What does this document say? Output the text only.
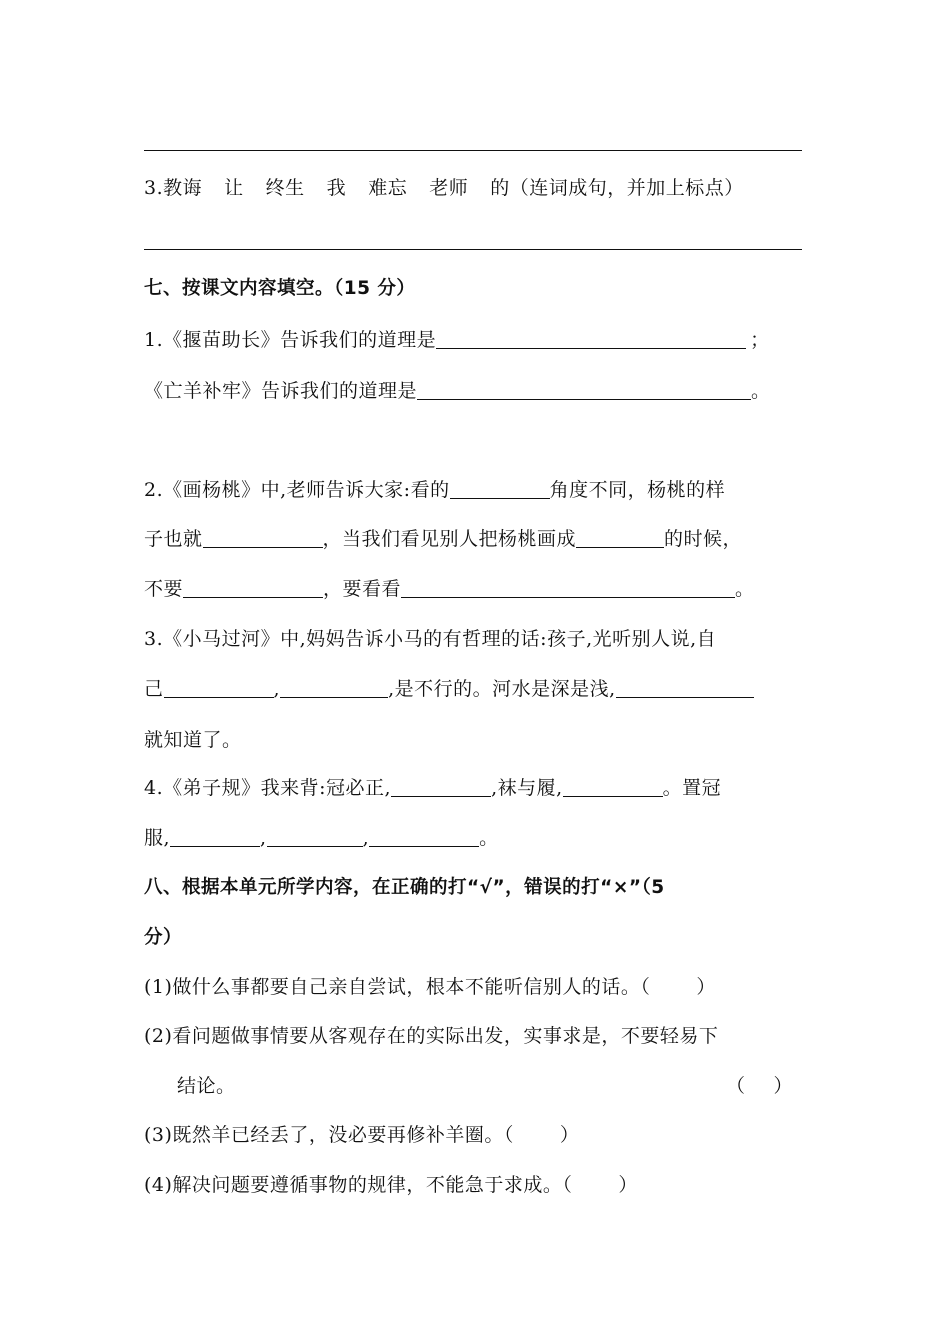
3.教诲 让 终生 我 难忘 老师 的（连词成句，并加上标点）
七、按课文内容填空。（15 分）
1.《揠苗助长》告诉我们的道理是	；
《亡羊补牢》告诉我们的道理是	。
2.《画杨桃》中,老师告诉大家:看的	角度不同，杨桃的样
子也就	，当我们看见别人把杨桃画成	的时候，
不要	，要看看	。
3.《小马过河》中,妈妈告诉小马的有哲理的话:孩子,光听别人说,自
己	,	,是不行的。河水是深是浅,
就知道了。
4.《弟子规》我来背:冠必正,	,袜与履,	。置冠
服,	,	,	。
八、根据本单元所学内容，在正确的打“√”，错误的打“×”（5
分）
(1)做什么事都要自己亲自尝试，根本不能听信别人的话。（ ）
(2)看问题做事情要从客观存在的实际出发，实事求是，不要轻易下
结论。	（ ）
(3)既然羊已经丢了，没必要再修补羊圈。（ ）
(4)解决问题要遵循事物的规律，不能急于求成。（ ）
